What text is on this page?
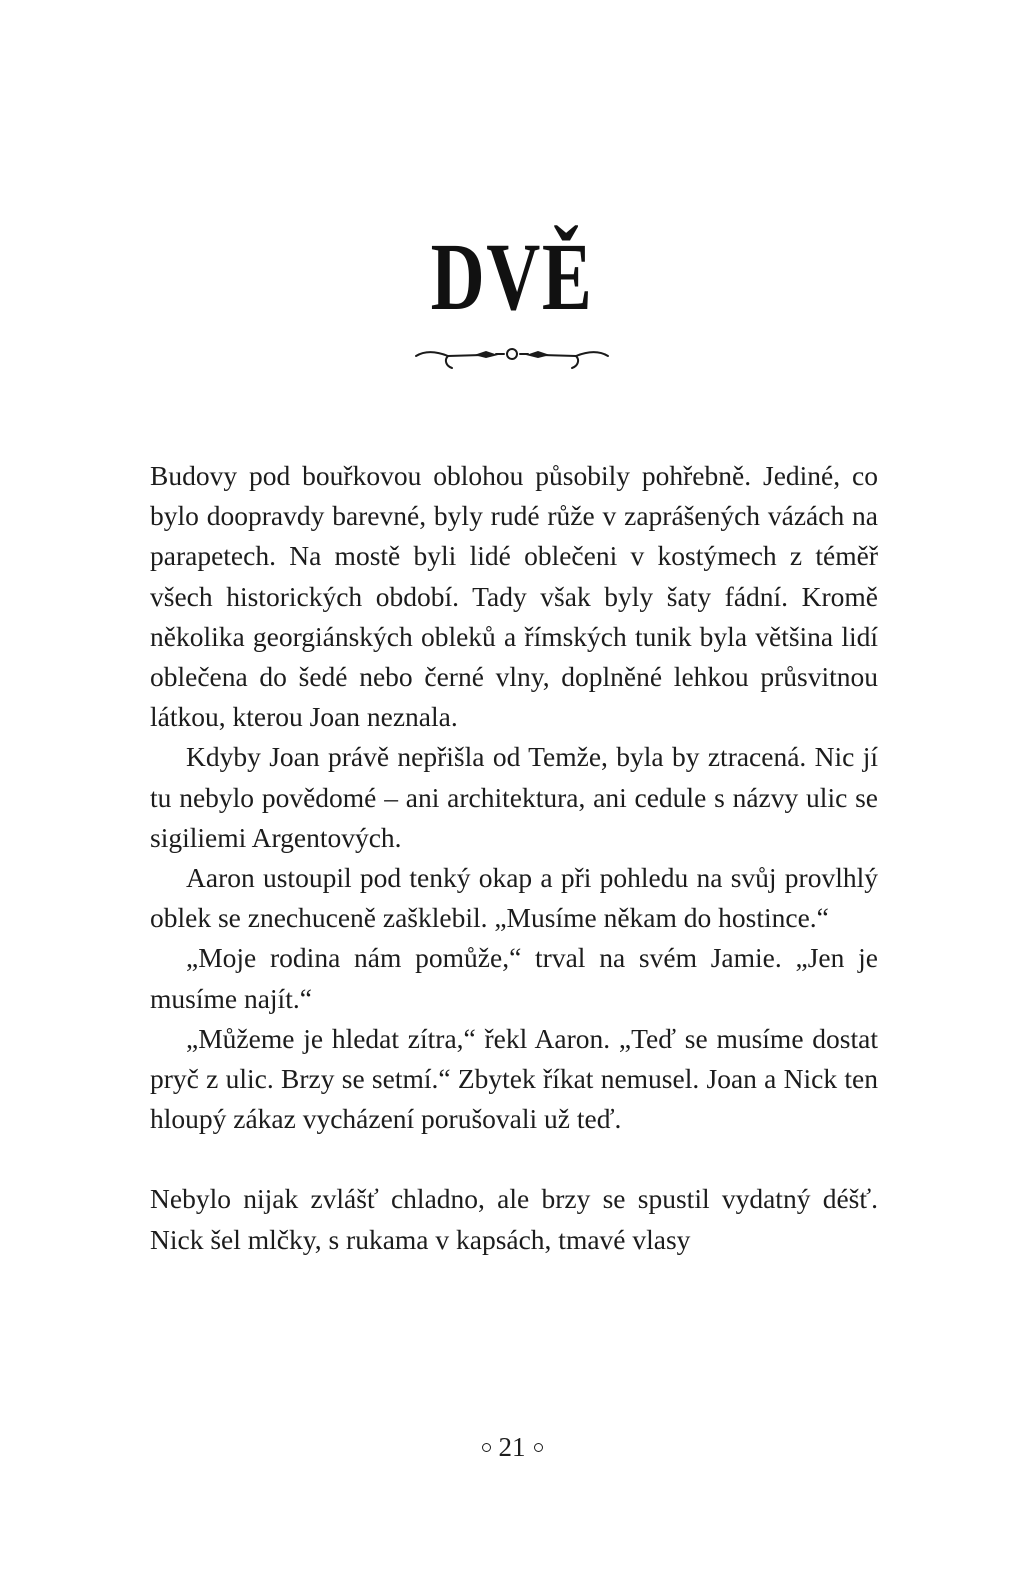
DVĚ

Budovy pod bouřkovou oblohou působily pohřebně. Jediné, co bylo doopravdy barevné, byly rudé růže v zaprášených vázách na parapetech. Na mostě byli lidé oblečeni v kostýmech z téměř všech historických období. Tady však byly šaty fádní. Kromě několika georgiánských obleků a římských tunik byla většina lidí oblečena do šedé nebo černé vlny, doplněné lehkou průsvitnou látkou, kterou Joan neznala.

Kdyby Joan právě nepřišla od Temže, byla by ztracená. Nic jí tu nebylo povědomé – ani architektura, ani cedule s názvy ulic se sigiliemi Argentových.

Aaron ustoupil pod tenký okap a při pohledu na svůj provlhlý oblek se znechuceně zašklebil. „Musíme někam do hostince.“

„Moje rodina nám pomůže,“ trval na svém Jamie. „Jen je musíme najít.“

„Můžeme je hledat zítra,“ řekl Aaron. „Teď se musíme dostat pryč z ulic. Brzy se setmí.“ Zbytek říkat nemusel. Joan a Nick ten hloupý zákaz vycházení porušovali už teď.

Nebylo nijak zvlášť chladno, ale brzy se spustil vydatný déšť. Nick šel mlčky, s rukama v kapsách, tmavé vlasy

21
